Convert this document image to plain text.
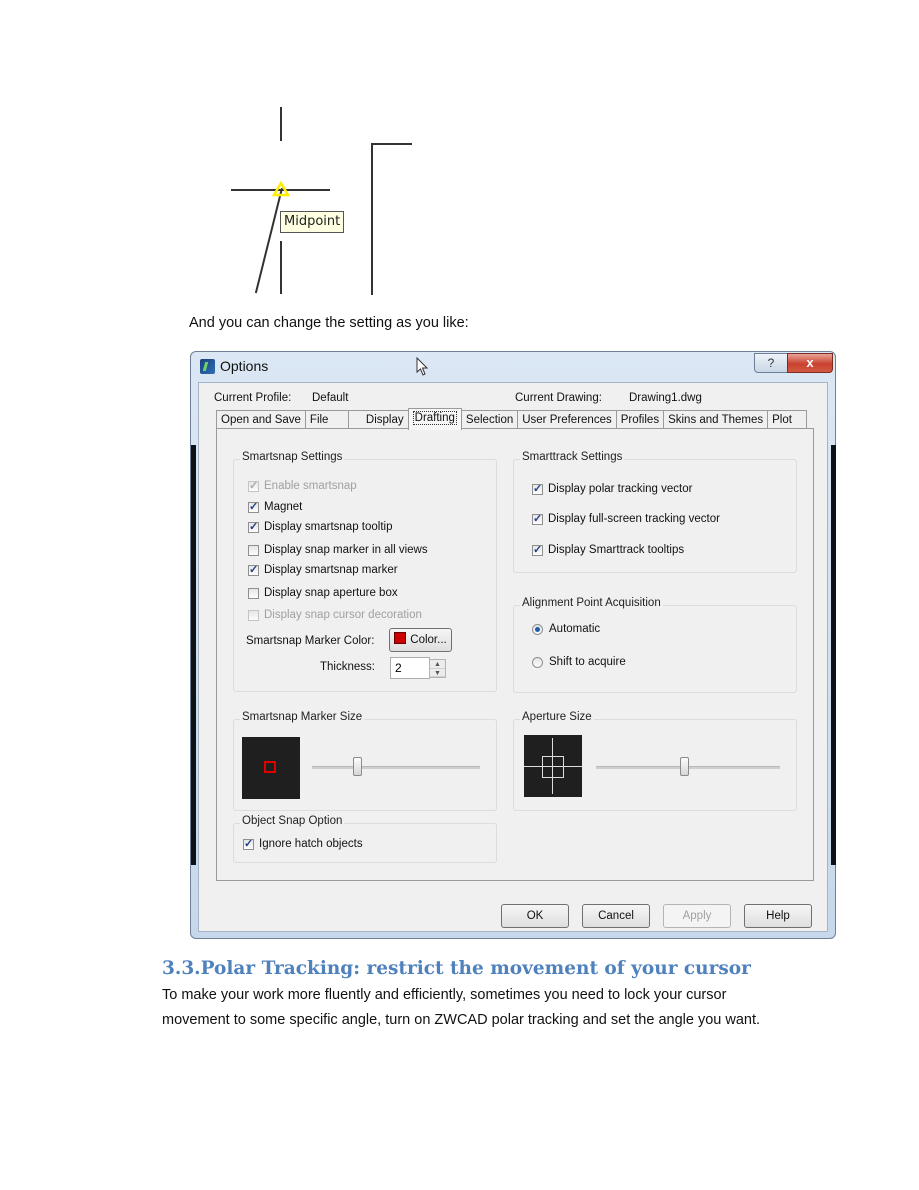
Midpoint
And you can change the setting as you like:
Options	?	x
Current Profile: Default	Current Drawing: Drawing1.dwg
Open and Save File	Display Drafting Selection User Preferences Profiles Skins and Themes Plot
Smartsnap Settings
✓
Enable smartsnap
✓
Magnet
✓
Display smartsnap tooltip
Display snap marker in all views
✓
Display smartsnap marker
Display snap aperture box
Display snap cursor decoration
Smartsnap Marker Color:	Color...
Thickness:	2	▲
▼
Smarttrack Settings
✓
Display polar tracking vector
✓
Display full-screen tracking vector
✓
Display Smarttrack tooltips
Alignment Point Acquisition
Automatic
Shift to acquire
Smartsnap Marker Size
Object Snap Option
✓
Ignore hatch objects
Aperture Size
OK	Cancel	Apply	Help
3.3.Polar Tracking: restrict the movement of your cursor
To make your work more fluently and efficiently, sometimes you need to lock your cursor
movement to some specific angle, turn on ZWCAD polar tracking and set the angle you want.
